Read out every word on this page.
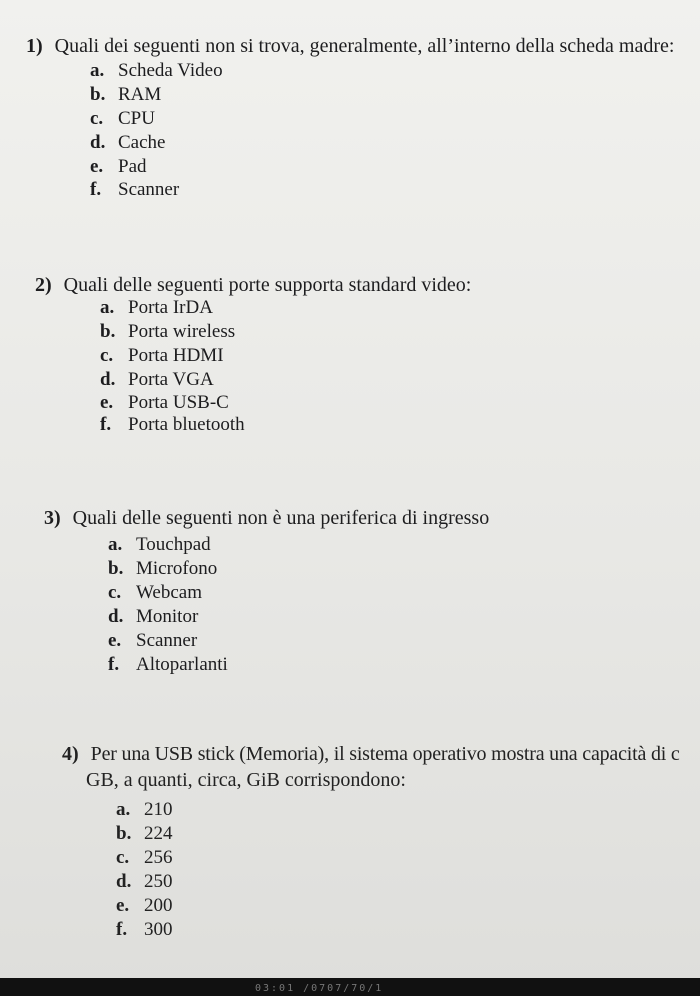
1) Quali dei seguenti non si trova, generalmente, all’interno della scheda madre:
a. Scheda Video
b. RAM
c. CPU
d. Cache
e. Pad
f. Scanner
2) Quali delle seguenti porte supporta standard video:
a. Porta IrDA
b. Porta wireless
c. Porta HDMI
d. Porta VGA
e. Porta USB-C
f. Porta bluetooth
3) Quali delle seguenti non è una periferica di ingresso
a. Touchpad
b. Microfono
c. Webcam
d. Monitor
e. Scanner
f. Altoparlanti
4) Per una USB stick (Memoria), il sistema operativo mostra una capacità di c
GB, a quanti, circa, GiB corrispondono:
a. 210
b. 224
c. 256
d. 250
e. 200
f. 300
03:01 /0707/70/1
